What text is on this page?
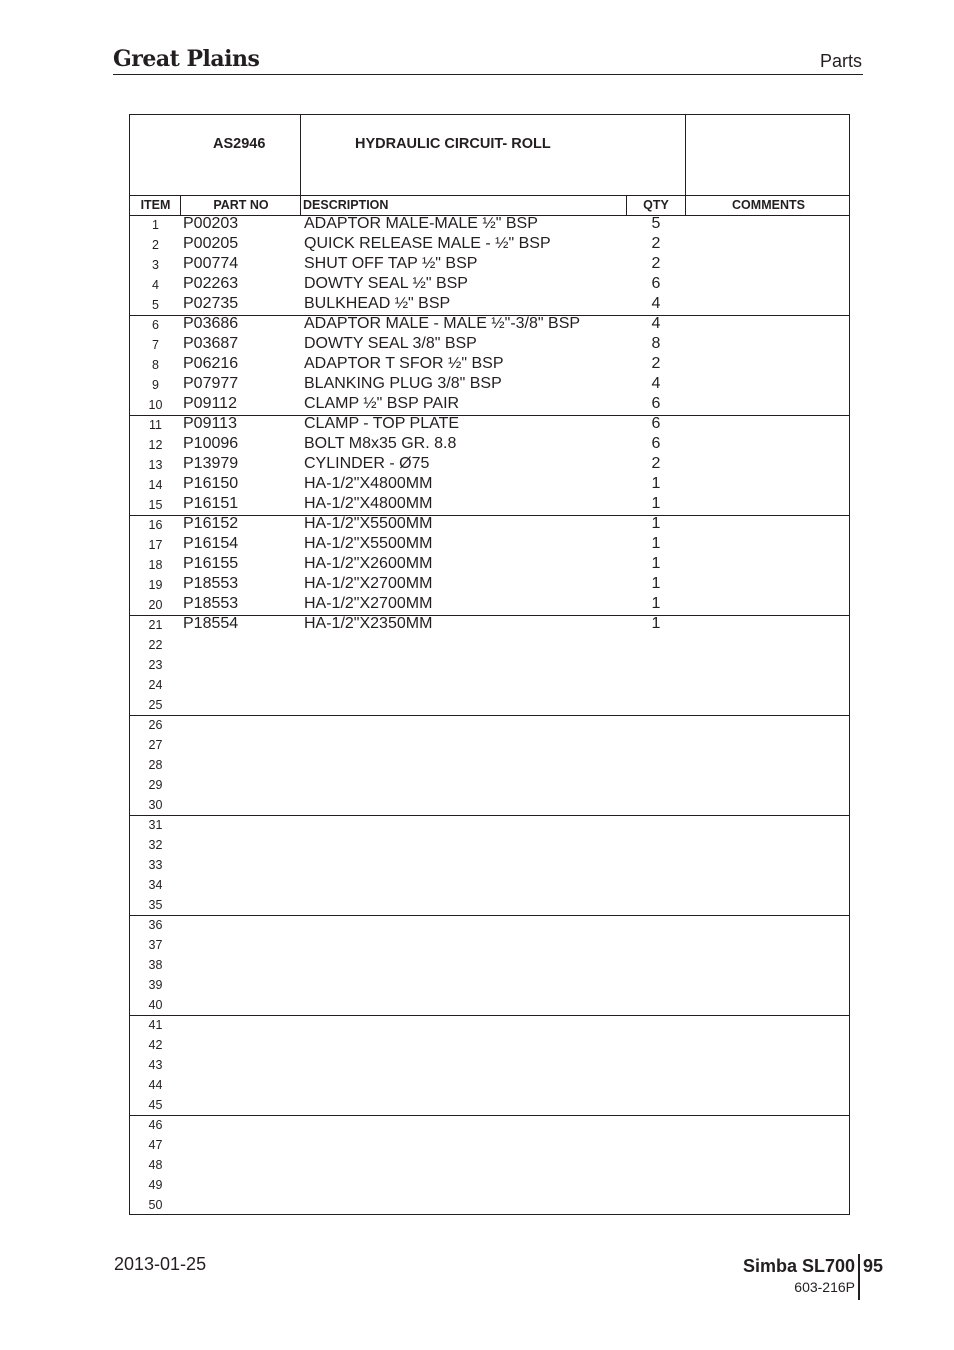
Great Plains	Parts
AS2946	HYDRAULIC CIRCUIT- ROLL
ITEM	PART NO	DESCRIPTION	QTY	COMMENTS
1	P00203	ADAPTOR MALE-MALE ½" BSP	5
2	P00205	QUICK RELEASE MALE - ½" BSP	2
3	P00774	SHUT OFF TAP ½" BSP	2
4	P02263	DOWTY SEAL ½" BSP	6
5	P02735	BULKHEAD ½" BSP	4
6	P03686	ADAPTOR MALE - MALE ½"-3/8" BSP	4
7	P03687	DOWTY SEAL 3/8" BSP	8
8	P06216	ADAPTOR T SFOR ½" BSP	2
9	P07977	BLANKING PLUG 3/8" BSP	4
10	P09112	CLAMP ½" BSP PAIR	6
11	P09113	CLAMP - TOP PLATE	6
12	P10096	BOLT M8x35 GR. 8.8	6
13	P13979	CYLINDER - Ø75	2
14	P16150	HA-1/2"X4800MM	1
15	P16151	HA-1/2"X4800MM	1
16	P16152	HA-1/2"X5500MM	1
17	P16154	HA-1/2"X5500MM	1
18	P16155	HA-1/2"X2600MM	1
19	P18553	HA-1/2"X2700MM	1
20	P18553	HA-1/2"X2700MM	1
21	P18554	HA-1/2"X2350MM	1
22
23
24
25
26
27
28
29
30
31
32
33
34
35
36
37
38
39
40
41
42
43
44
45
46
47
48
49
50
2013-01-25	Simba SL700 95
603-216P
